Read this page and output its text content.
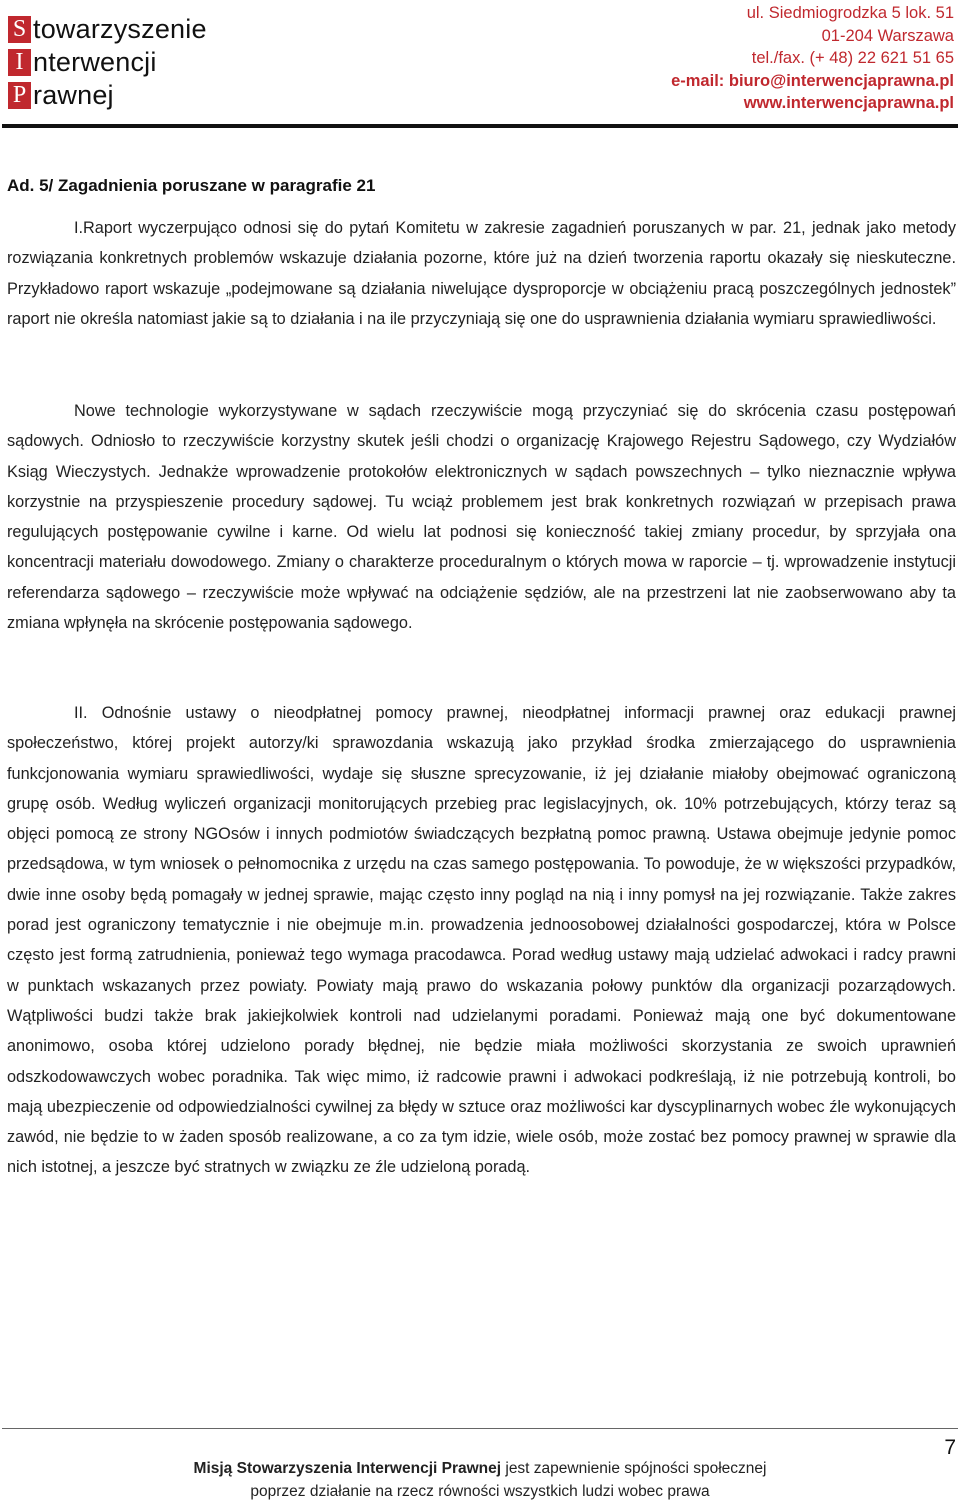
S towarzyszenie
I nterwencji
P rawnej
ul. Siedmiogrodzka 5 lok. 51
01-204 Warszawa
tel./fax. (+ 48) 22 621 51 65
e-mail: biuro@interwencjaprawna.pl
www.interwencjaprawna.pl
Ad. 5/ Zagadnienia poruszane w paragrafie 21

I.Raport wyczerpująco odnosi się do pytań Komitetu w zakresie zagadnień poruszanych w par. 21, jednak jako metody rozwiązania konkretnych problemów wskazuje działania pozorne, które już na dzień tworzenia raportu okazały się nieskuteczne. Przykładowo raport wskazuje „podejmowane są działania niwelujące dysproporcje w obciążeniu pracą poszczególnych jednostek” raport nie określa natomiast jakie są to działania i na ile przyczyniają się one do usprawnienia działania wymiaru sprawiedliwości.

Nowe technologie wykorzystywane w sądach rzeczywiście mogą przyczyniać się do skrócenia czasu postępowań sądowych. Odniosło to rzeczywiście korzystny skutek jeśli chodzi o organizację Krajowego Rejestru Sądowego, czy Wydziałów Ksiąg Wieczystych. Jednakże wprowadzenie protokołów elektronicznych w sądach powszechnych – tylko nieznacznie wpływa korzystnie na przyspieszenie procedury sądowej. Tu wciąż problemem jest brak konkretnych rozwiązań w przepisach prawa regulujących postępowanie cywilne i karne. Od wielu lat podnosi się konieczność takiej zmiany procedur, by sprzyjała ona koncentracji materiału dowodowego. Zmiany o charakterze proceduralnym o których mowa w raporcie – tj. wprowadzenie instytucji referendarza sądowego – rzeczywiście może wpływać na odciążenie sędziów, ale na przestrzeni lat nie zaobserwowano aby ta zmiana wpłynęła na skrócenie postępowania sądowego.

II. Odnośnie ustawy o nieodpłatnej pomocy prawnej, nieodpłatnej informacji prawnej oraz edukacji prawnej społeczeństwo, której projekt autorzy/ki sprawozdania wskazują jako przykład środka zmierzającego do usprawnienia funkcjonowania wymiaru sprawiedliwości, wydaje się słuszne sprecyzowanie, iż jej działanie miałoby obejmować ograniczoną grupę osób. Według wyliczeń organizacji monitorujących przebieg prac legislacyjnych, ok. 10% potrzebujących, którzy teraz są objęci pomocą ze strony NGOsów i innych podmiotów świadczących bezpłatną pomoc prawną. Ustawa obejmuje jedynie pomoc przedsądowa, w tym wniosek o pełnomocnika z urzędu na czas samego postępowania. To powoduje, że w większości przypadków, dwie inne osoby będą pomagały w jednej sprawie, mając często inny pogląd na nią i inny pomysł na jej rozwiązanie. Także zakres porad jest ograniczony tematycznie i nie obejmuje m.in. prowadzenia jednoosobowej działalności gospodarczej, która w Polsce często jest formą zatrudnienia, ponieważ tego wymaga pracodawca. Porad według ustawy mają udzielać adwokaci i radcy prawni w punktach wskazanych przez powiaty. Powiaty mają prawo do wskazania połowy punktów dla organizacji pozarządowych. Wątpliwości budzi także brak jakiejkolwiek kontroli nad udzielanymi poradami. Ponieważ mają one być dokumentowane anonimowo, osoba której udzielono porady błędnej, nie będzie miała możliwości skorzystania ze swoich uprawnień odszkodowawczych wobec poradnika. Tak więc mimo, iż radcowie prawni i adwokaci podkreślają, iż nie potrzebują kontroli, bo mają ubezpieczenie od odpowiedzialności cywilnej za błędy w sztuce oraz możliwości kar dyscyplinarnych wobec źle wykonujących zawód, nie będzie to w żaden sposób realizowane, a co za tym idzie, wiele osób, może zostać bez pomocy prawnej w sprawie dla nich istotnej, a jeszcze być stratnych w związku ze źle udzieloną poradą.

7
Misją Stowarzyszenia Interwencji Prawnej jest zapewnienie spójności społecznej
poprzez działanie na rzecz równości wszystkich ludzi wobec prawa
